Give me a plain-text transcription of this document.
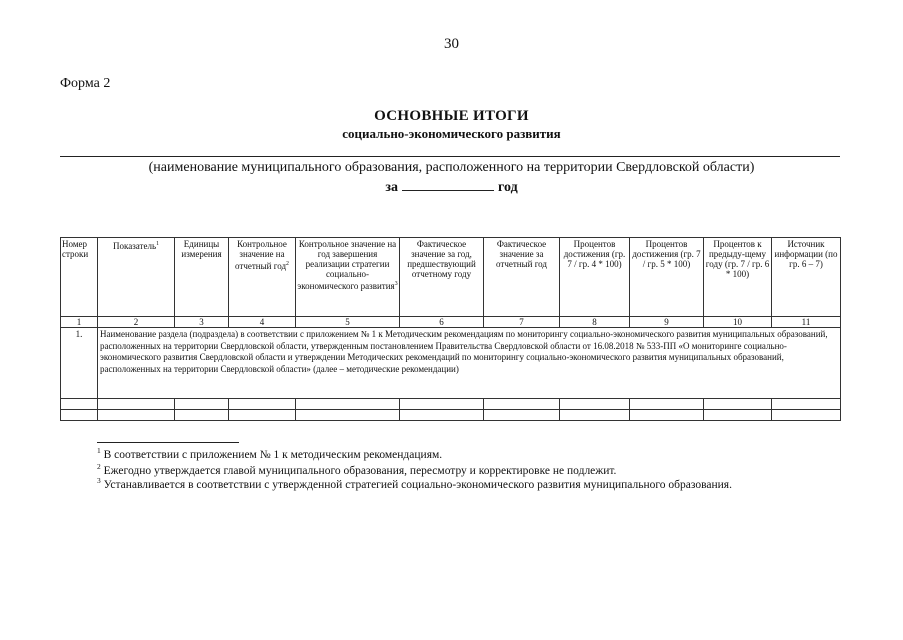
30
Форма 2
ОСНОВНЫЕ ИТОГИ
социально-экономического развития
(наименование муниципального образования, расположенного на территории Свердловской области)
за	год
Номер строки	Показатель$^1$	Единицы измерения	Контрольное значение на отчетный год$^2$	Контрольное значение на год завершения реализации стратегии социально-экономического развития$^3$	Фактическое значение за год, предшествующий отчетному году	Фактическое значение за отчетный год	Процентов достижения (гр. 7 / гр. 4 * 100)	Процентов достижения (гр. 7 / гр. 5 * 100)	Процентов к предыду-щему году (гр. 7 / гр. 6 * 100)	Источник информации (по гр. 6 – 7)
1	2	3	4	5	6	7	8	9	10	11
1.	Наименование раздела (подраздела) в соответствии с приложением № 1 к Методическим рекомендациям по мониторингу социально-экономического развития муниципальных образований, расположенных на территории Свердловской области, утвержденным постановлением Правительства Свердловской области от 16.08.2018 № 533-ПП «О мониторинге социально-экономического развития Свердловской области и утверждении Методических рекомендаций по мониторингу социально-экономического развития муниципальных образований, расположенных на территории Свердловской области» (далее – методические рекомендации)									

$^1$ В соответствии с приложением № 1 к методическим рекомендациям.
$^2$ Ежегодно утверждается главой муниципального образования, пересмотру и корректировке не подлежит.
$^3$ Устанавливается в соответствии с утвержденной стратегией социально-экономического развития муниципального образования.
